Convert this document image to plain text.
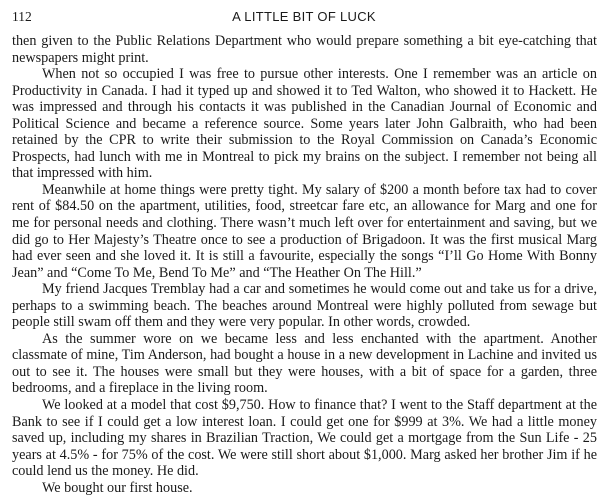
112	A LITTLE BIT OF LUCK

then given to the Public Relations Department who would prepare something a bit eye-catching that newspapers might print.

When not so occupied I was free to pursue other interests. One I remember was an article on Productivity in Canada. I had it typed up and showed it to Ted Walton, who showed it to Hackett. He was impressed and through his contacts it was published in the Canadian Journal of Economic and Political Science and became a reference source. Some years later John Galbraith, who had been retained by the CPR to write their submission to the Royal Commission on Canada’s Economic Prospects, had lunch with me in Montreal to pick my brains on the subject. I remember not being all that impressed with him.

Meanwhile at home things were pretty tight. My salary of $200 a month before tax had to cover rent of $84.50 on the apartment, utilities, food, streetcar fare etc, an allowance for Marg and one for me for personal needs and clothing. There wasn’t much left over for entertainment and saving, but we did go to Her Majesty’s Theatre once to see a production of Brigadoon. It was the first musical Marg had ever seen and she loved it. It is still a favourite, especially the songs “I’ll Go Home With Bonny Jean” and “Come To Me, Bend To Me” and “The Heather On The Hill.”

My friend Jacques Tremblay had a car and sometimes he would come out and take us for a drive, perhaps to a swimming beach. The beaches around Montreal were highly polluted from sewage but people still swam off them and they were very popular. In other words, crowded.

As the summer wore on we became less and less enchanted with the apartment. Another classmate of mine, Tim Anderson, had bought a house in a new development in Lachine and invited us out to see it. The houses were small but they were houses, with a bit of space for a garden, three bedrooms, and a fireplace in the living room.

We looked at a model that cost $9,750. How to finance that? I went to the Staff department at the Bank to see if I could get a low interest loan. I could get one for $999 at 3%. We had a little money saved up, including my shares in Brazilian Traction, We could get a mortgage from the Sun Life - 25 years at 4.5% - for 75% of the cost. We were still short about $1,000. Marg asked her brother Jim if he could lend us the money. He did.

We bought our first house.
